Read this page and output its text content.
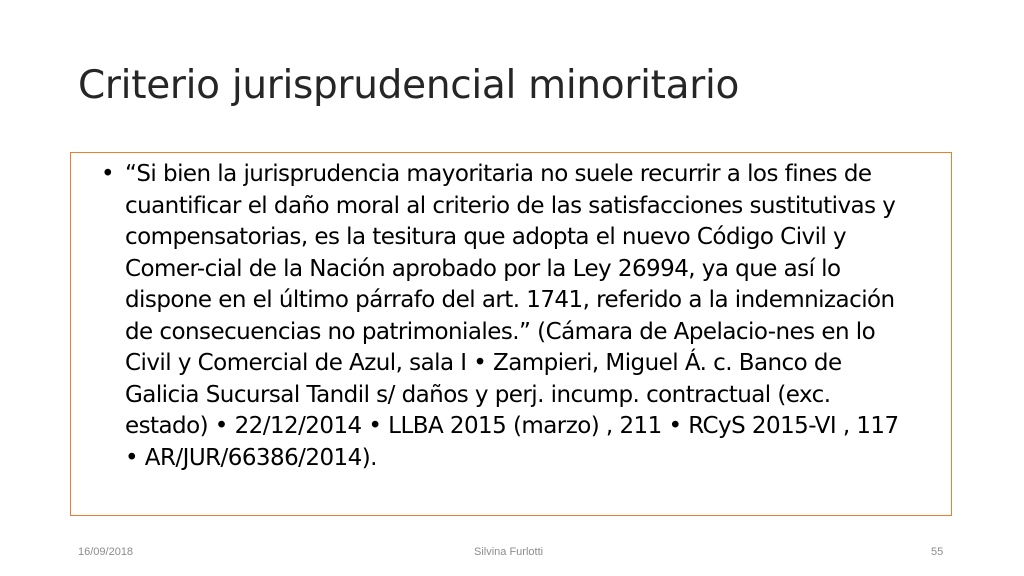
Criterio jurisprudencial minoritario
• “Si bien la jurisprudencia mayoritaria no suele recurrir a los fines de
cuantificar el daño moral al criterio de las satisfacciones sustitutivas y
compensatorias, es la tesitura que adopta el nuevo Código Civil y
Comer-cial de la Nación aprobado por la Ley 26994, ya que así lo
dispone en el último párrafo del art. 1741, referido a la indemnización
de consecuencias no patrimoniales.” (Cámara de Apelacio-nes en lo
Civil y Comercial de Azul, sala I • Zampieri, Miguel Á. c. Banco de
Galicia Sucursal Tandil s/ daños y perj. incump. contractual (exc.
estado) • 22/12/2014 • LLBA 2015 (marzo) , 211 • RCyS 2015-VI , 117
• AR/JUR/66386/2014).

16/09/2018	Silvina Furlotti	55
